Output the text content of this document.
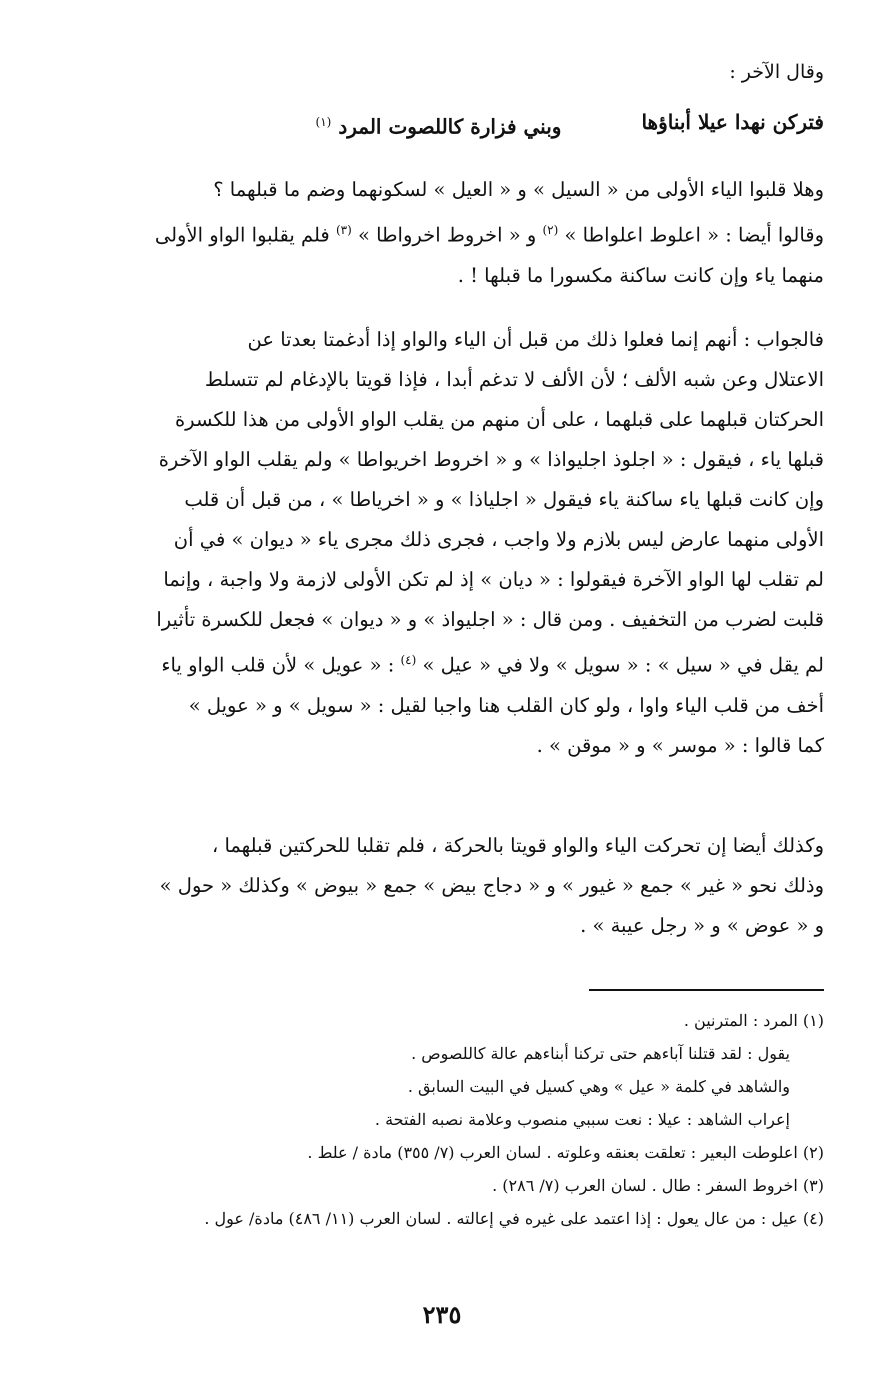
وقال الآخر :
فتركن نهدا عيلا أبناؤها
وبني فزارة كاللصوت المرد $^{(١)}$
وهلا قلبوا الياء الأولى من « السيل » و « العيل » لسكونهما وضم ما قبلهما ؟
وقالوا أيضا : « اعلوط اعلواطا » $^{(٢)}$ و « اخروط اخرواطا » $^{(٣)}$ فلم يقلبوا الواو الأولى
منهما ياء وإن كانت ساكنة مكسورا ما قبلها ! .
فالجواب : أنهم إنما فعلوا ذلك من قبل أن الياء والواو إذا أدغمتا بعدتا عن
الاعتلال وعن شبه الألف ؛ لأن الألف لا تدغم أبدا ، فإذا قويتا بالإدغام لم تتسلط
الحركتان قبلهما على قبلهما ، على أن منهم من يقلب الواو الأولى من هذا للكسرة
قبلها ياء ، فيقول : « اجلوذ اجليواذا » و « اخروط اخريواطا » ولم يقلب الواو الآخرة
وإن كانت قبلها ياء ساكنة ياء فيقول « اجلياذا » و « اخرياطا » ، من قبل أن قلب
الأولى منهما عارض ليس بلازم ولا واجب ، فجرى ذلك مجرى ياء « ديوان » في أن
لم تقلب لها الواو الآخرة فيقولوا : « ديان » إذ لم تكن الأولى لازمة ولا واجبة ، وإنما
قلبت لضرب من التخفيف . ومن قال : « اجليواذ » و « ديوان » فجعل للكسرة تأثيرا
لم يقل في « سيل » : « سويل » ولا في « عيل » $^{(٤)}$ : « عويل » لأن قلب الواو ياء
أخف من قلب الياء واوا ، ولو كان القلب هنا واجبا لقيل : « سويل » و « عويل »
كما قالوا : « موسر » و « موقن » .
وكذلك أيضا إن تحركت الياء والواو قويتا بالحركة ، فلم تقلبا للحركتين قبلهما ،
وذلك نحو « غير » جمع « غيور » و « دجاج بيض » جمع « بيوض » وكذلك « حول »
و « عوض » و « رجل عيبة » .
(١) المرد : المترنين .
يقول : لقد قتلنا آباءهم حتى تركنا أبناءهم عالة كاللصوص .
والشاهد في كلمة « عيل » وهي كسيل في البيت السابق .
إعراب الشاهد : عيلا : نعت سببي منصوب وعلامة نصبه الفتحة .
(٢) اعلوطت البعير : تعلقت بعنقه وعلوته . لسان العرب (٧/ ٣٥٥) مادة / علط .
(٣) اخروط السفر : طال . لسان العرب (٧/ ٢٨٦) .
(٤) عيل : من عال يعول : إذا اعتمد على غيره في إعالته . لسان العرب (١١/ ٤٨٦) مادة/ عول .
٢٣٥
